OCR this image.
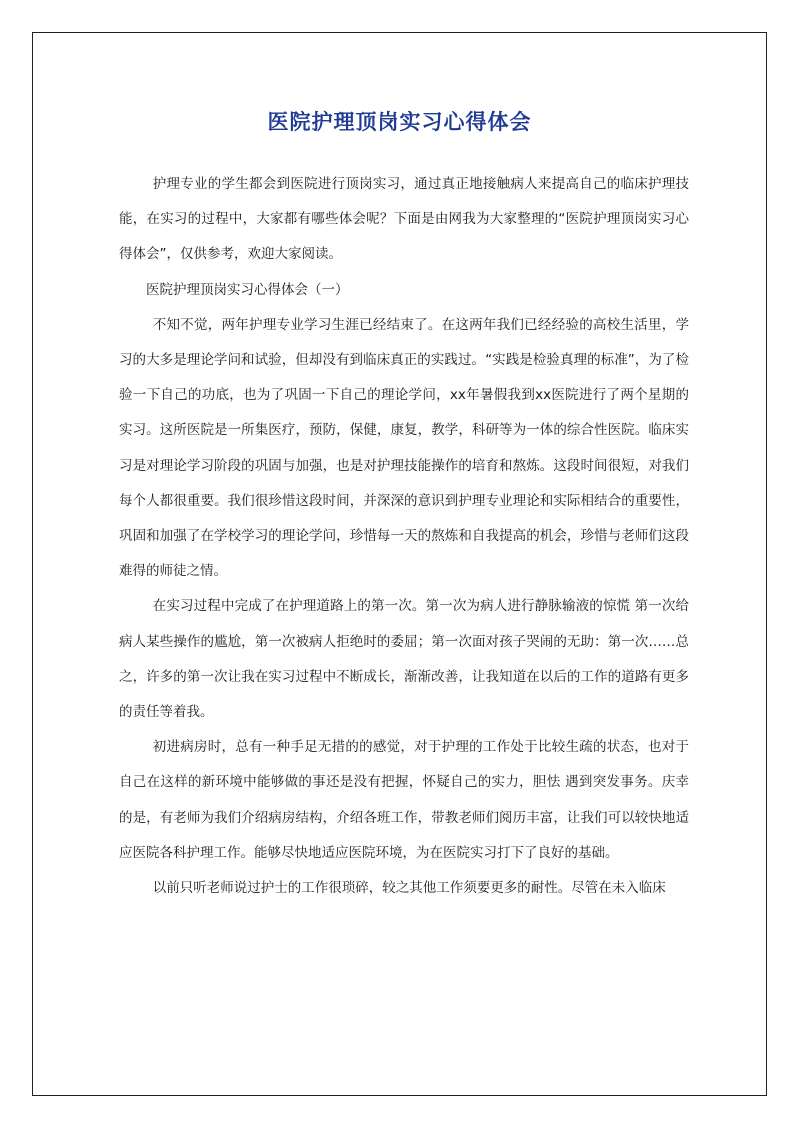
医院护理顶岗实习心得体会

护理专业的学生都会到医院进行顶岗实习，通过真正地接触病人来提高自己的临床护理技能，在实习的过程中，大家都有哪些体会呢？下面是由网我为大家整理的“医院护理顶岗实习心得体会”，仅供参考，欢迎大家阅读。

医院护理顶岗实习心得体会（一）

不知不觉，两年护理专业学习生涯已经结束了。在这两年我们已经经验的高校生活里，学习的大多是理论学问和试验，但却没有到临床真正的实践过。“实践是检验真理的标准”，为了检验一下自己的功底，也为了巩固一下自己的理论学问，xx年暑假我到xx医院进行了两个星期的实习。这所医院是一所集医疗，预防，保健，康复，教学，科研等为一体的综合性医院。临床实习是对理论学习阶段的巩固与加强，也是对护理技能操作的培育和熬炼。这段时间很短，对我们每个人都很重要。我们很珍惜这段时间，并深深的意识到护理专业理论和实际相结合的重要性，巩固和加强了在学校学习的理论学问，珍惜每一天的熬炼和自我提高的机会，珍惜与老师们这段难得的师徒之情。

在实习过程中完成了在护理道路上的第一次。第一次为病人进行静脉输液的惊慌 第一次给病人某些操作的尴尬，第一次被病人拒绝时的委屈；第一次面对孩子哭闹的无助：第一次……总之，许多的第一次让我在实习过程中不断成长，渐渐改善，让我知道在以后的工作的道路有更多的责任等着我。

初进病房时，总有一种手足无措的的感觉，对于护理的工作处于比较生疏的状态，也对于自己在这样的新环境中能够做的事还是没有把握，怀疑自己的实力，胆怯 遇到突发事务。庆幸的是，有老师为我们介绍病房结构，介绍各班工作，带教老师们阅历丰富，让我们可以较快地适应医院各科护理工作。能够尽快地适应医院环境，为在医院实习打下了良好的基础。

以前只听老师说过护士的工作很琐碎，较之其他工作须要更多的耐性。尽管在未入临床
